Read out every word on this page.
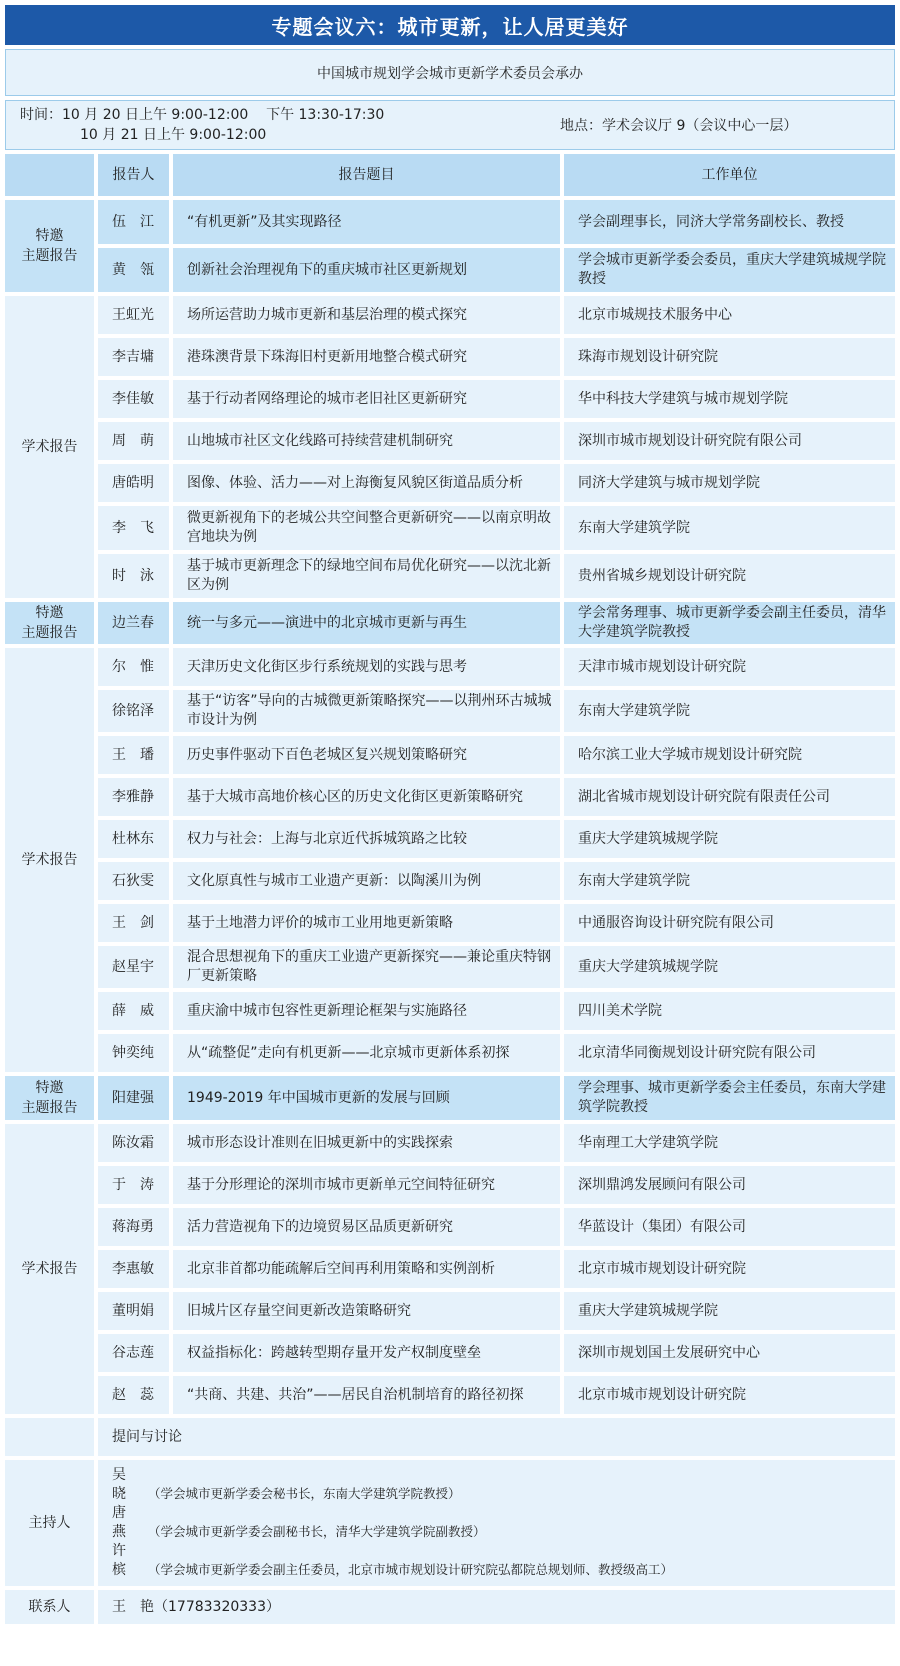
专题会议六：城市更新，让人居更美好
中国城市规划学会城市更新学术委员会承办
时间：10 月 20 日上午 9:00-12:00    下午 13:30-17:30
10 月 21 日上午 9:00-12:00
地点：学术会议厅 9（会议中心一层）
	报告人	报告题目	工作单位
特邀
主题报告	伍　江	“有机更新”及其实现路径	学会副理事长，同济大学常务副校长、教授
	黄　瓴	创新社会治理视角下的重庆城市社区更新规划	学会城市更新学委会委员，重庆大学建筑城规学院教授
学术报告	王虹光	场所运营助力城市更新和基层治理的模式探究	北京市城规技术服务中心
	李吉墉	港珠澳背景下珠海旧村更新用地整合模式研究	珠海市规划设计研究院
	李佳敏	基于行动者网络理论的城市老旧社区更新研究	华中科技大学建筑与城市规划学院
	周　萌	山地城市社区文化线路可持续营建机制研究	深圳市城市规划设计研究院有限公司
	唐皓明	图像、体验、活力——对上海衡复风貌区街道品质分析	同济大学建筑与城市规划学院
	李　飞	微更新视角下的老城公共空间整合更新研究——以南京明故宫地块为例	东南大学建筑学院
	时　泳	基于城市更新理念下的绿地空间布局优化研究——以沈北新区为例	贵州省城乡规划设计研究院
特邀
主题报告	边兰春	统一与多元——演进中的北京城市更新与再生	学会常务理事、城市更新学委会副主任委员，清华大学建筑学院教授
学术报告	尔　惟	天津历史文化街区步行系统规划的实践与思考	天津市城市规划设计研究院
	徐铭泽	基于“访客”导向的古城微更新策略探究——以荆州环古城城市设计为例	东南大学建筑学院
	王　璠	历史事件驱动下百色老城区复兴规划策略研究	哈尔滨工业大学城市规划设计研究院
	李雅静	基于大城市高地价核心区的历史文化街区更新策略研究	湖北省城市规划设计研究院有限责任公司
	杜林东	权力与社会：上海与北京近代拆城筑路之比较	重庆大学建筑城规学院
	石狄雯	文化原真性与城市工业遗产更新：以陶溪川为例	东南大学建筑学院
	王　剑	基于土地潜力评价的城市工业用地更新策略	中通服咨询设计研究院有限公司
	赵星宇	混合思想视角下的重庆工业遗产更新探究——兼论重庆特钢厂更新策略	重庆大学建筑城规学院
	薛　威	重庆渝中城市包容性更新理论框架与实施路径	四川美术学院
	钟奕纯	从“疏整促”走向有机更新——北京城市更新体系初探	北京清华同衡规划设计研究院有限公司
特邀
主题报告	阳建强	1949-2019 年中国城市更新的发展与回顾	学会理事、城市更新学委会主任委员，东南大学建筑学院教授
学术报告	陈汝霜	城市形态设计准则在旧城更新中的实践探索	华南理工大学建筑学院
	于　涛	基于分形理论的深圳市城市更新单元空间特征研究	深圳鼎鸿发展顾问有限公司
	蒋海勇	活力营造视角下的边境贸易区品质更新研究	华蓝设计（集团）有限公司
	李惠敏	北京非首都功能疏解后空间再利用策略和实例剖析	北京市城市规划设计研究院
	董明娟	旧城片区存量空间更新改造策略研究	重庆大学建筑城规学院
	谷志莲	权益指标化：跨越转型期存量开发产权制度壁垒	深圳市规划国土发展研究中心
	赵　蕊	“共商、共建、共治”——居民自治机制培育的路径初探	北京市城市规划设计研究院
	提问与讨论		
主持人	吴　晓 （学会城市更新学委会秘书长，东南大学建筑学院教授）
唐　燕 （学会城市更新学委会副秘书长，清华大学建筑学院副教授）
许　槟 （学会城市更新学委会副主任委员，北京市城市规划设计研究院弘都院总规划师、教授级高工）		

联系人	王　艳（17783320333）		
